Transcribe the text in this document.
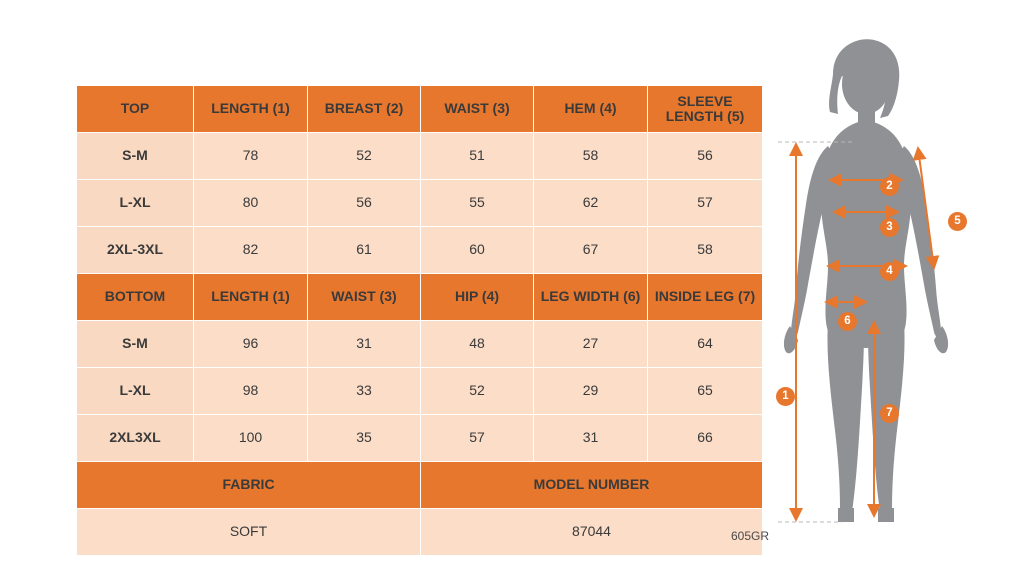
TOP	LENGTH (1)	BREAST (2)	WAIST (3)	HEM (4)	SLEEVE LENGTH (5)
S-M	78	52	51	58	56
L-XL	80	56	55	62	57
2XL-3XL	82	61	60	67	58
BOTTOM	LENGTH (1)	WAIST (3)	HIP (4)	LEG WIDTH (6)	INSIDE LEG (7)
S-M	96	31	48	27	64
L-XL	98	33	52	29	65
2XL3XL	100	35	57	31	66
FABRIC			MODEL NUMBER		
SOFT			87044		
1
2
3
4
5
6
7
605GR
